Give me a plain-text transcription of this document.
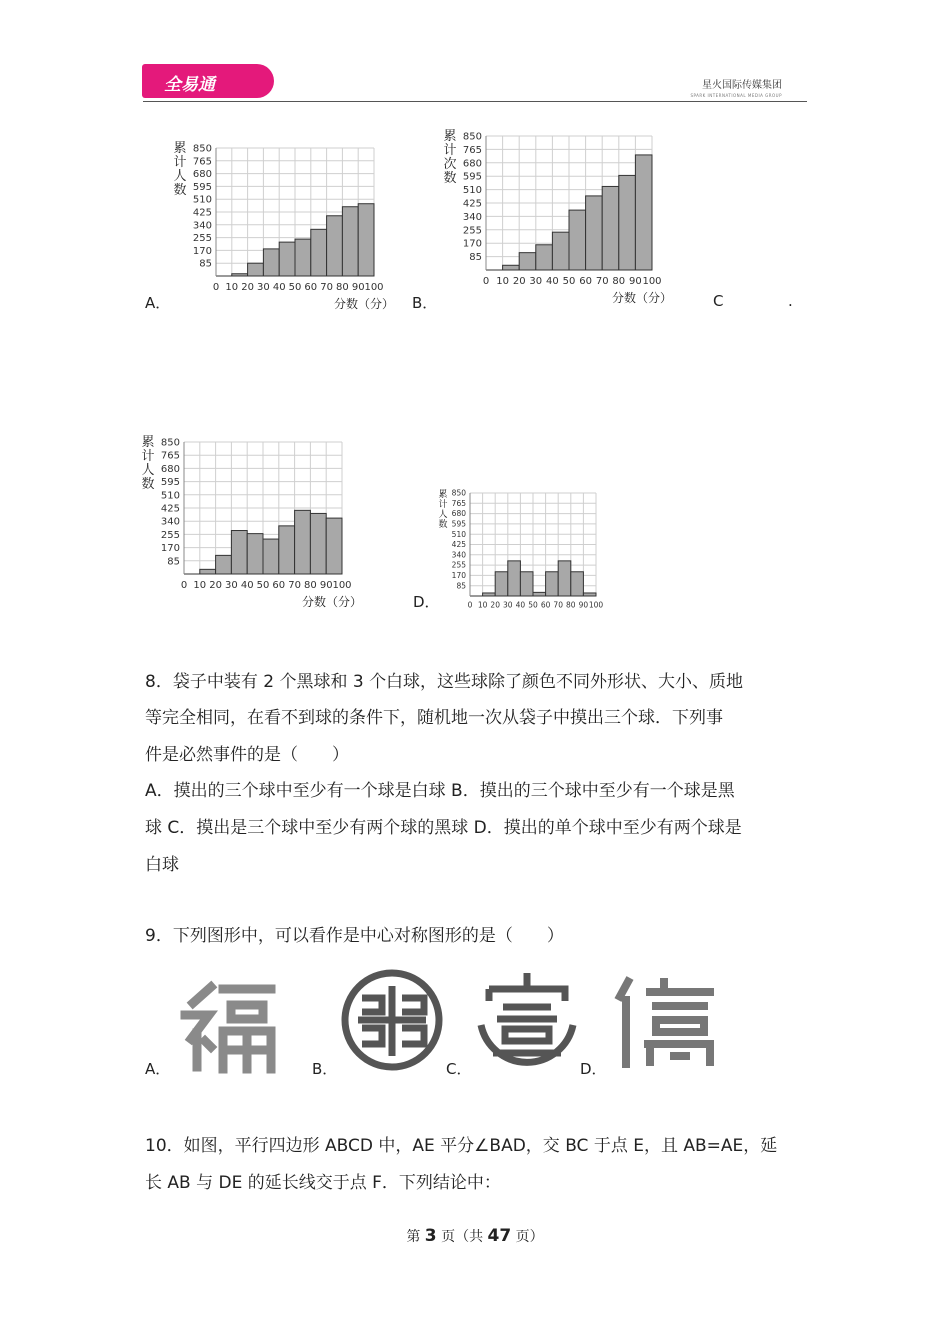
全易通	星火国际传媒集团
SPARK INTERNATIONAL MEDIA GROUP
850
765
680
595
510
425
340
255
170
85
0 10 20 30 40 50 60 70 80 90 100
累
计
人
数
分数（分）
850
765
680
595
510
425
340
255
170
85
0 10 20 30 40 50 60 70 80 90 100
累
计
次
数
分数（分）
850
765
680
595
510
425
340
255
170
85
0 10 20 30 40 50 60 70 80 90 100
累
计
人
数
分数（分）
850
765
680
595
510
425
340
255
170
85
0 10 20 30 40 50 60 70 80 90 100
累
计
人
数
A．	B．	C	.
D．
8．袋子中装有 2 个黑球和 3 个白球，这些球除了颜色不同外形状、大小、质地
等完全相同，在看不到球的条件下，随机地一次从袋子中摸出三个球．下列事
件是必然事件的是（　　）
A．摸出的三个球中至少有一个球是白球 B．摸出的三个球中至少有一个球是黑
球 C．摸出是三个球中至少有两个球的黑球 D．摸出的单个球中至少有两个球是
白球
9．下列图形中，可以看作是中心对称图形的是（　　）
A．	B．	C．	D．
10．如图，平行四边形 ABCD 中，AE 平分∠BAD，交 BC 于点 E，且 AB=AE，延
长 AB 与 DE 的延长线交于点 F．下列结论中：
第 3 页（共 47 页）
